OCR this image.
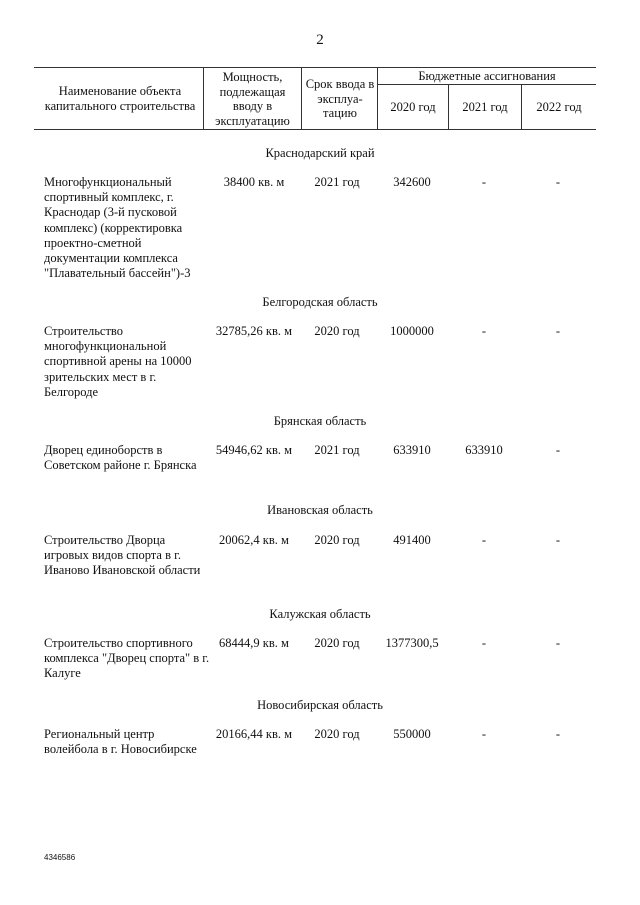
2
Наименование объекта капитального строительства
Мощность, подлежащая вводу в эксплуатацию
Срок ввода в эксплуа-тацию
Бюджетные ассигнования
2020 год	2021 год	2022 год
Краснодарский край
Многофункциональный спортивный комплекс, г. Краснодар (3-й пусковой комплекс) (корректировка проектно-сметной документации комплекса "Плавательный бассейн")-3
38400 кв. м	2021 год	342600	-	-
Белгородская область
Строительство многофункциональной спортивной арены на 10000 зрительских мест в г. Белгороде
32785,26 кв. м	2020 год	1000000	-	-
Брянская область
Дворец единоборств в Советском районе г. Брянска
54946,62 кв. м	2021 год	633910	633910	-
Ивановская область
Строительство Дворца игровых видов спорта в г. Иваново Ивановской области
20062,4 кв. м	2020 год	491400	-	-
Калужская область
Строительство спортивного комплекса "Дворец спорта" в г. Калуге
68444,9 кв. м	2020 год	1377300,5	-	-
Новосибирская область
Региональный центр волейбола в г. Новосибирске
20166,44 кв. м	2020 год	550000	-	-
4346586
